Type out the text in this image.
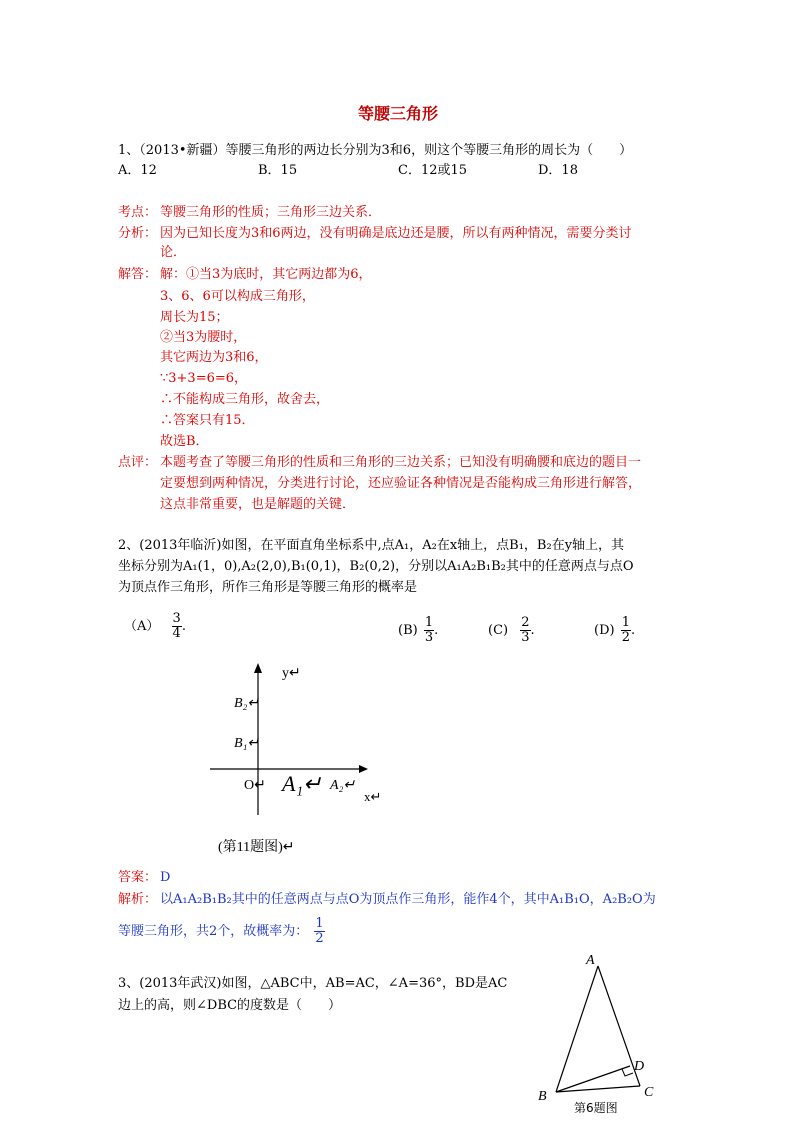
等腰三角形
1、（2013•新疆）等腰三角形的两边长分别为3和6，则这个等腰三角形的周长为（　　）
A．12	B．15	C．12或15	D．18
考点： 等腰三角形的性质；三角形三边关系．
分析： 因为已知长度为3和6两边，没有明确是底边还是腰，所以有两种情况，需要分类讨
论．
解答： 解：①当3为底时，其它两边都为6，
3、6、6可以构成三角形，
周长为15；
②当3为腰时，
其它两边为3和6，
∵3+3=6=6，
∴不能构成三角形，故舍去，
∴答案只有15．
故选B．
点评： 本题考查了等腰三角形的性质和三角形的三边关系；已知没有明确腰和底边的题目一
定要想到两种情况，分类进行讨论，还应验证各种情况是否能构成三角形进行解答，
这点非常重要，也是解题的关键．
2、(2013年临沂)如图，在平面直角坐标系中,点A₁，A₂在x轴上，点B₁，B₂在y轴上，其
坐标分别为A₁(1，0),A₂(2,0),B₁(0,1)，B₂(0,2)，分别以A₁A₂B₁B₂其中的任意两点与点O
为顶点作三角形，所作三角形是等腰三角形的概率是
$(A) \frac{3}{4}$ .	$(B) \frac{1}{3}$ .	$(C) \frac{2}{3}$ .	$(D) \frac{1}{2}$ .
y↵
B₂↵
B₁↵
O↵ A₁↵ A₂↵
x↵
(第11题图)↵
答案： D
解析： 以A₁A₂B₁B₂其中的任意两点与点O为顶点作三角形，能作4个，其中A₁B₁O，A₂B₂O为
等腰三角形，共2个，故概率为： $\frac{1}{2}$
3、(2013年武汉)如图，△ABC中，AB=AC，∠A=36°，BD是AC
边上的高，则∠DBC的度数是（　　）
A
B	C
D
第6题图
